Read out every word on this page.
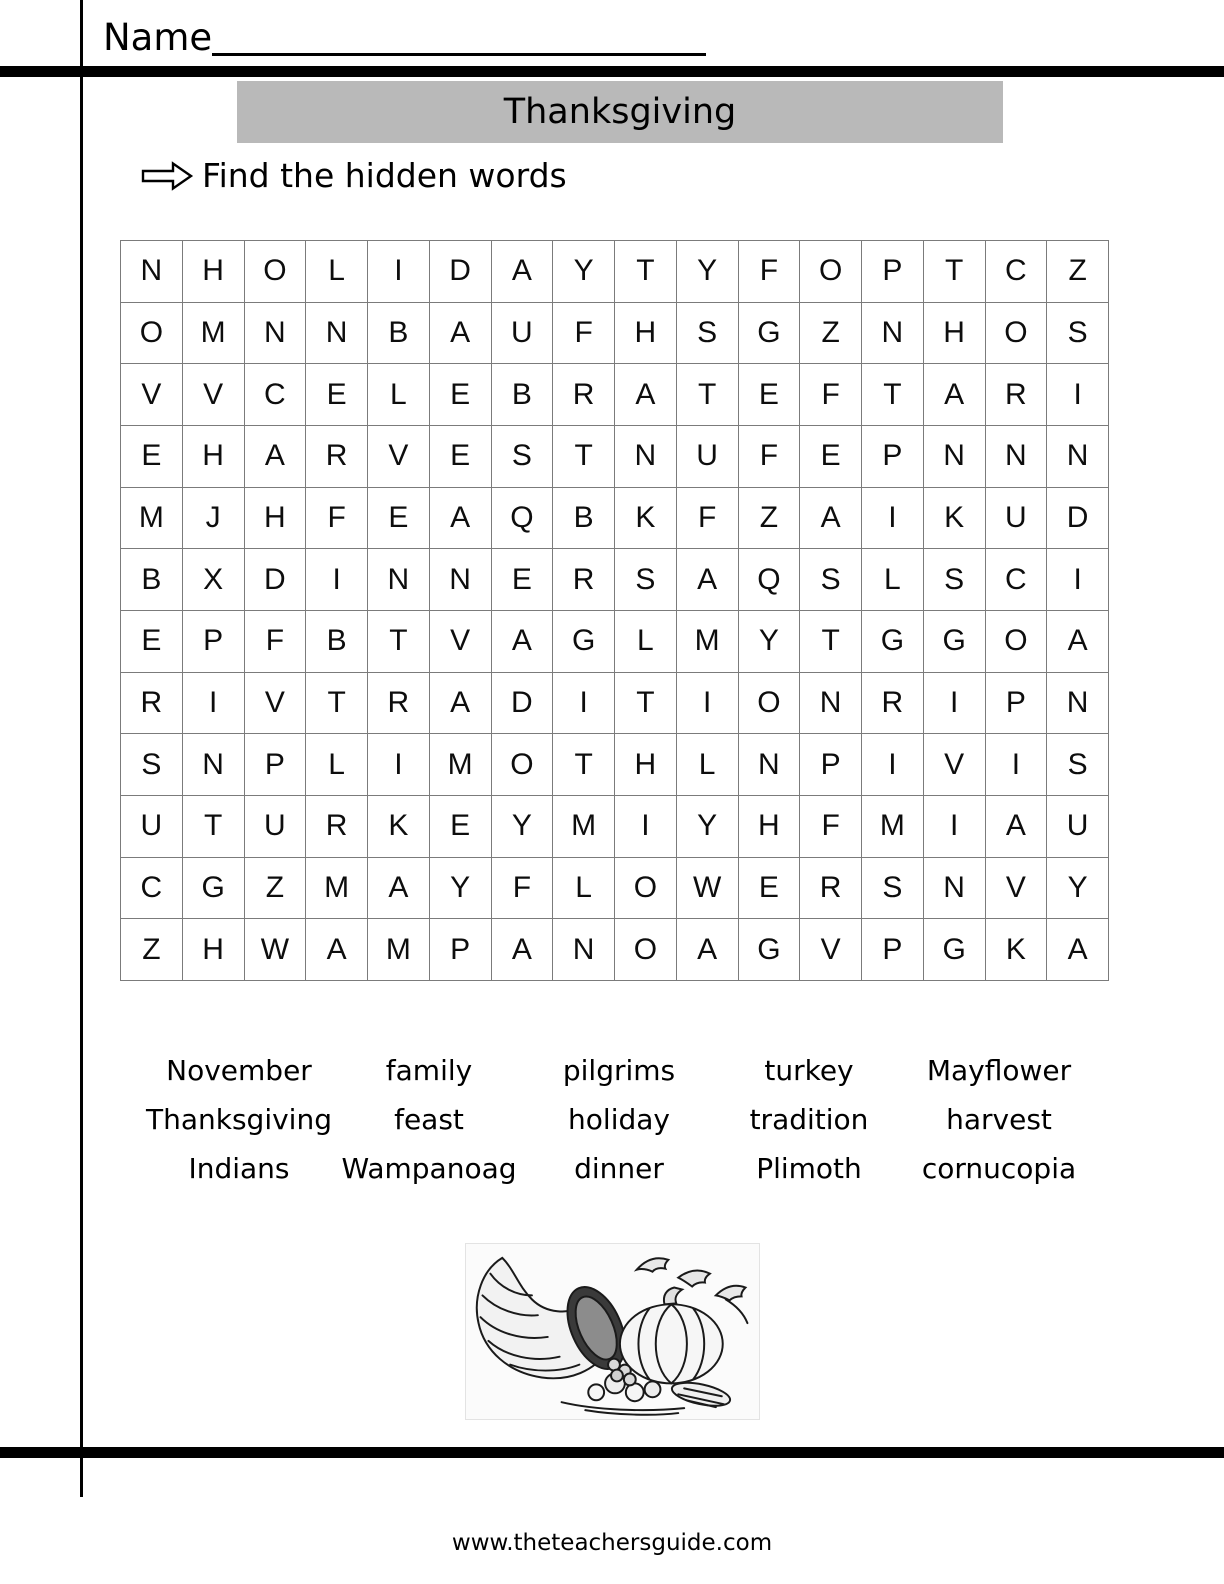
Name
Thanksgiving
Find the hidden words
N	H	O	L	I	D	A	Y	T	Y	F	O	P	T	C	Z
O	M	N	N	B	A	U	F	H	S	G	Z	N	H	O	S
V	V	C	E	L	E	B	R	A	T	E	F	T	A	R	I
E	H	A	R	V	E	S	T	N	U	F	E	P	N	N	N
M	J	H	F	E	A	Q	B	K	F	Z	A	I	K	U	D
B	X	D	I	N	N	E	R	S	A	Q	S	L	S	C	I
E	P	F	B	T	V	A	G	L	M	Y	T	G	G	O	A
R	I	V	T	R	A	D	I	T	I	O	N	R	I	P	N
S	N	P	L	I	M	O	T	H	L	N	P	I	V	I	S
U	T	U	R	K	E	Y	M	I	Y	H	F	M	I	A	U
C	G	Z	M	A	Y	F	L	O	W	E	R	S	N	V	Y
Z	H	W	A	M	P	A	N	O	A	G	V	P	G	K	A
November	family	pilgrims	turkey	Mayflower
Thanksgiving	feast	holiday	tradition	harvest
Indians	Wampanoag	dinner	Plimoth	cornucopia
www.theteachersguide.com
